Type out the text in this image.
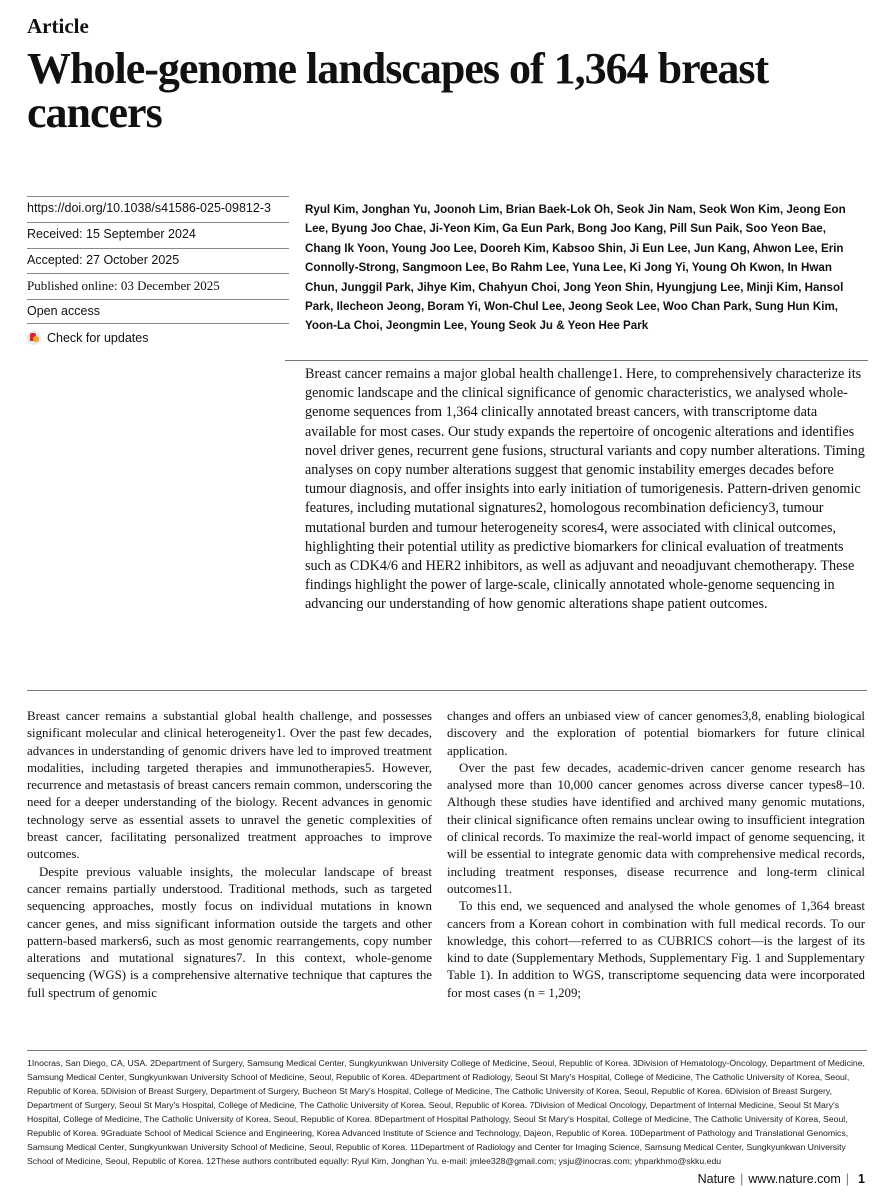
Article
Whole-genome landscapes of 1,364 breast cancers
https://doi.org/10.1038/s41586-025-09812-3
Received: 15 September 2024
Accepted: 27 October 2025
Published online: 03 December 2025
Open access
Check for updates
Ryul Kim, Jonghan Yu, Joonoh Lim, Brian Baek-Lok Oh, Seok Jin Nam, Seok Won Kim, Jeong Eon Lee, Byung Joo Chae, Ji-Yeon Kim, Ga Eun Park, Bong Joo Kang, Pill Sun Paik, Soo Yeon Bae, Chang Ik Yoon, Young Joo Lee, Dooreh Kim, Kabsoo Shin, Ji Eun Lee, Jun Kang, Ahwon Lee, Erin Connolly-Strong, Sangmoon Lee, Bo Rahm Lee, Yuna Lee, Ki Jong Yi, Young Oh Kwon, In Hwan Chun, Junggil Park, Jihye Kim, Chahyun Choi, Jong Yeon Shin, Hyungjung Lee, Minji Kim, Hansol Park, Ilecheon Jeong, Boram Yi, Won-Chul Lee, Jeong Seok Lee, Woo Chan Park, Sung Hun Kim, Yoon-La Choi, Jeongmin Lee, Young Seok Ju & Yeon Hee Park
Breast cancer remains a major global health challenge1. Here, to comprehensively characterize its genomic landscape and the clinical significance of genomic characteristics, we analysed whole-genome sequences from 1,364 clinically annotated breast cancers, with transcriptome data available for most cases. Our study expands the repertoire of oncogenic alterations and identifies novel driver genes, recurrent gene fusions, structural variants and copy number alterations. Timing analyses on copy number alterations suggest that genomic instability emerges decades before tumour diagnosis, and offer insights into early initiation of tumorigenesis. Pattern-driven genomic features, including mutational signatures2, homologous recombination deficiency3, tumour mutational burden and tumour heterogeneity scores4, were associated with clinical outcomes, highlighting their potential utility as predictive biomarkers for clinical evaluation of treatments such as CDK4/6 and HER2 inhibitors, as well as adjuvant and neoadjuvant chemotherapy. These findings highlight the power of large-scale, clinically annotated whole-genome sequencing in advancing our understanding of how genomic alterations shape patient outcomes.

Breast cancer remains a substantial global health challenge, and possesses significant molecular and clinical heterogeneity1. Over the past few decades, advances in understanding of genomic drivers have led to improved treatment modalities, including targeted therapies and immunotherapies5. However, recurrence and metastasis of breast cancers remain common, underscoring the need for a deeper understanding of the biology. Recent advances in genomic technology serve as essential assets to unravel the genetic complexities of breast cancer, facilitating personalized treatment approaches to improve outcomes.

Despite previous valuable insights, the molecular landscape of breast cancer remains partially understood. Traditional methods, such as targeted sequencing approaches, mostly focus on individual mutations in known cancer genes, and miss significant information outside the targets and other pattern-based markers6, such as most genomic rearrangements, copy number alterations and mutational signatures7. In this context, whole-genome sequencing (WGS) is a comprehensive alternative technique that captures the full spectrum of genomic

changes and offers an unbiased view of cancer genomes3,8, enabling biological discovery and the exploration of potential biomarkers for future clinical application.

Over the past few decades, academic-driven cancer genome research has analysed more than 10,000 cancer genomes across diverse cancer types8–10. Although these studies have identified and archived many genomic mutations, their clinical significance often remains unclear owing to insufficient integration of clinical records. To maximize the real-world impact of genome sequencing, it will be essential to integrate genomic data with comprehensive medical records, including treatment responses, disease recurrence and long-term clinical outcomes11.

To this end, we sequenced and analysed the whole genomes of 1,364 breast cancers from a Korean cohort in combination with full medical records. To our knowledge, this cohort—referred to as CUBRICS cohort—is the largest of its kind to date (Supplementary Methods, Supplementary Fig. 1 and Supplementary Table 1). In addition to WGS, transcriptome sequencing data were incorporated for most cases (n = 1,209;

1Inocras, San Diego, CA, USA. 2Department of Surgery, Samsung Medical Center, Sungkyunkwan University College of Medicine, Seoul, Republic of Korea. 3Division of Hematology-Oncology, Department of Medicine, Samsung Medical Center, Sungkyunkwan University School of Medicine, Seoul, Republic of Korea. 4Department of Radiology, Seoul St Mary's Hospital, College of Medicine, The Catholic University of Korea, Seoul, Republic of Korea. 5Division of Breast Surgery, Department of Surgery, Bucheon St Mary's Hospital, College of Medicine, The Catholic University of Korea, Seoul, Republic of Korea. 6Division of Breast Surgery, Department of Surgery, Seoul St Mary's Hospital, College of Medicine, The Catholic University of Korea, Seoul, Republic of Korea. 7Division of Medical Oncology, Department of Internal Medicine, Seoul St Mary's Hospital, College of Medicine, The Catholic University of Korea, Seoul, Republic of Korea. 8Department of Hospital Pathology, Seoul St Mary's Hospital, College of Medicine, The Catholic University of Korea, Seoul, Republic of Korea. 9Graduate School of Medical Science and Engineering, Korea Advanced Institute of Science and Technology, Dajeon, Republic of Korea. 10Department of Pathology and Translational Genomics, Samsung Medical Center, Sungkyunkwan University School of Medicine, Seoul, Republic of Korea. 11Department of Radiology and Center for Imaging Science, Samsung Medical Center, Sungkyunkwan University School of Medicine, Seoul, Republic of Korea. 12These authors contributed equally: Ryul Kim, Jonghan Yu. e-mail: jmlee328@gmail.com; ysju@inocras.com; yhparkhmo@skku.edu
Nature | www.nature.com | 1
